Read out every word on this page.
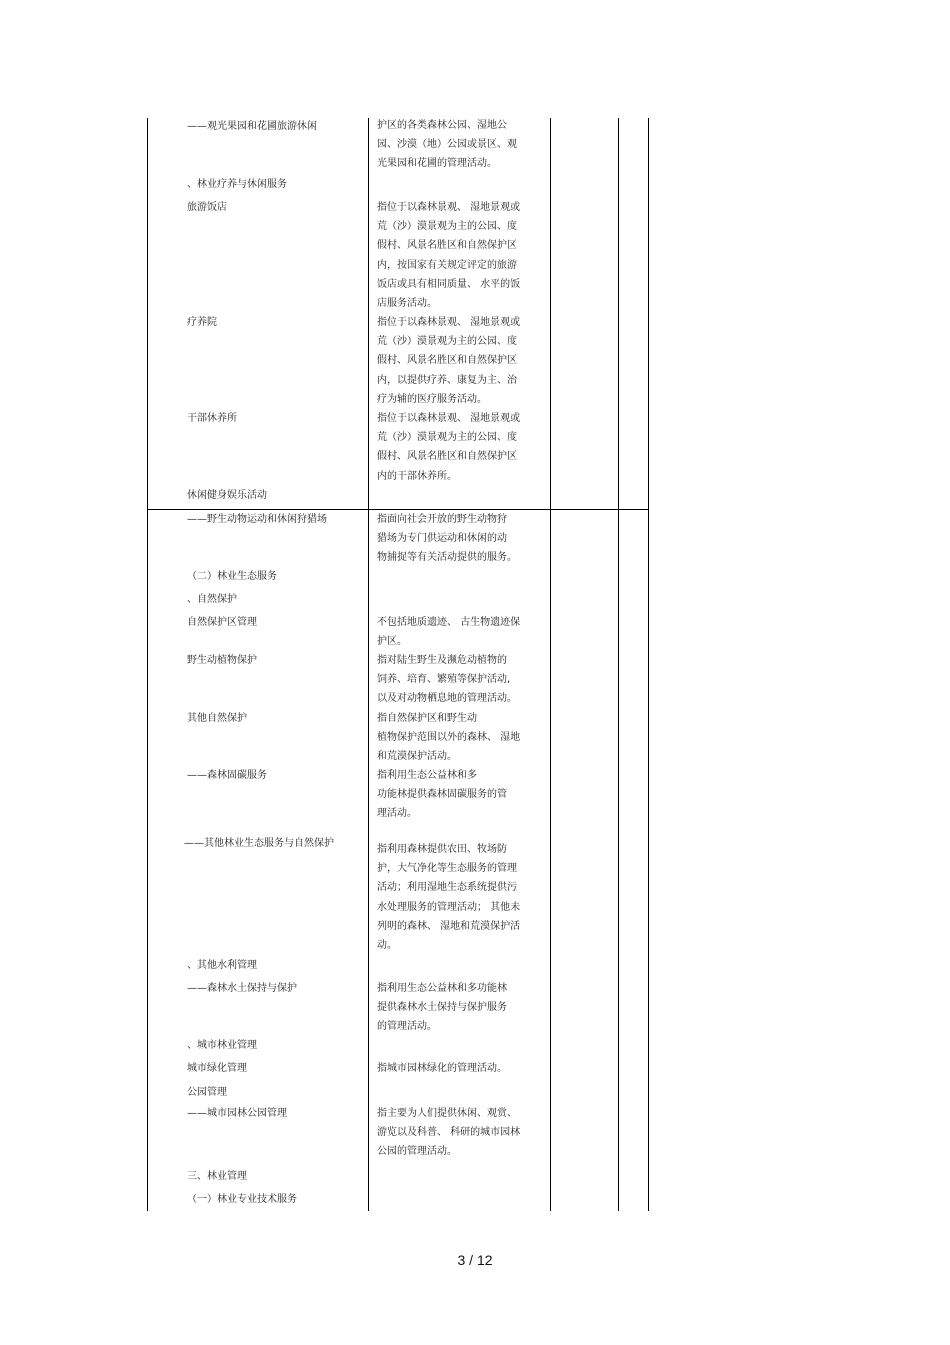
——观光果园和花圃旅游休闲
、林业疗养与休闲服务
旅游饭店
疗养院
干部休养所
休闲健身娱乐活动
——野生动物运动和休闲狩猎场
（二）林业生态服务
、自然保护
自然保护区管理
野生动植物保护
其他自然保护
——森林固碳服务
——其他林业生态服务与自然保护
、其他水利管理
——森林水土保持与保护
、城市林业管理
城市绿化管理
公园管理
——城市园林公园管理
三、林业管理
（一）林业专业技术服务
护区的各类森林公园、湿地公
园、沙漠（地）公园或景区、观
光果园和花圃的管理活动。
指位于以森林景观、 湿地景观或
荒（沙）漠景观为主的公园、度
假村、风景名胜区和自然保护区
内，按国家有关规定评定的旅游
饭店或具有相同质量、 水平的饭
店服务活动。
指位于以森林景观、 湿地景观或
荒（沙）漠景观为主的公园、度
假村、风景名胜区和自然保护区
内，以提供疗养、康复为主、治
疗为辅的医疗服务活动。
指位于以森林景观、 湿地景观或
荒（沙）漠景观为主的公园、度
假村、风景名胜区和自然保护区
内的干部休养所。
指面向社会开放的野生动物狩
猎场为专门供运动和休闲的动
物捕捉等有关活动提供的服务。
不包括地质遗迹、 古生物遗迹保
护区。
指对陆生野生及濒危动植物的
饲养、培育、繁殖等保护活动,
以及对动物栖息地的管理活动。
指自然保护区和野生动
植物保护范围以外的森林、 湿地
和荒漠保护活动。
指利用生态公益林和多
功能林提供森林固碳服务的管
理活动。
指利用森林提供农田、牧场防
护，大气净化等生态服务的管理
活动；利用湿地生态系统提供污
水处理服务的管理活动； 其他未
列明的森林、 湿地和荒漠保护活
动。
指利用生态公益林和多功能林
提供森林水土保持与保护服务
的管理活动。
指城市园林绿化的管理活动。
指主要为人们提供休闲、观赏、
游览以及科普、 科研的城市园林
公园的管理活动。
3 / 12
